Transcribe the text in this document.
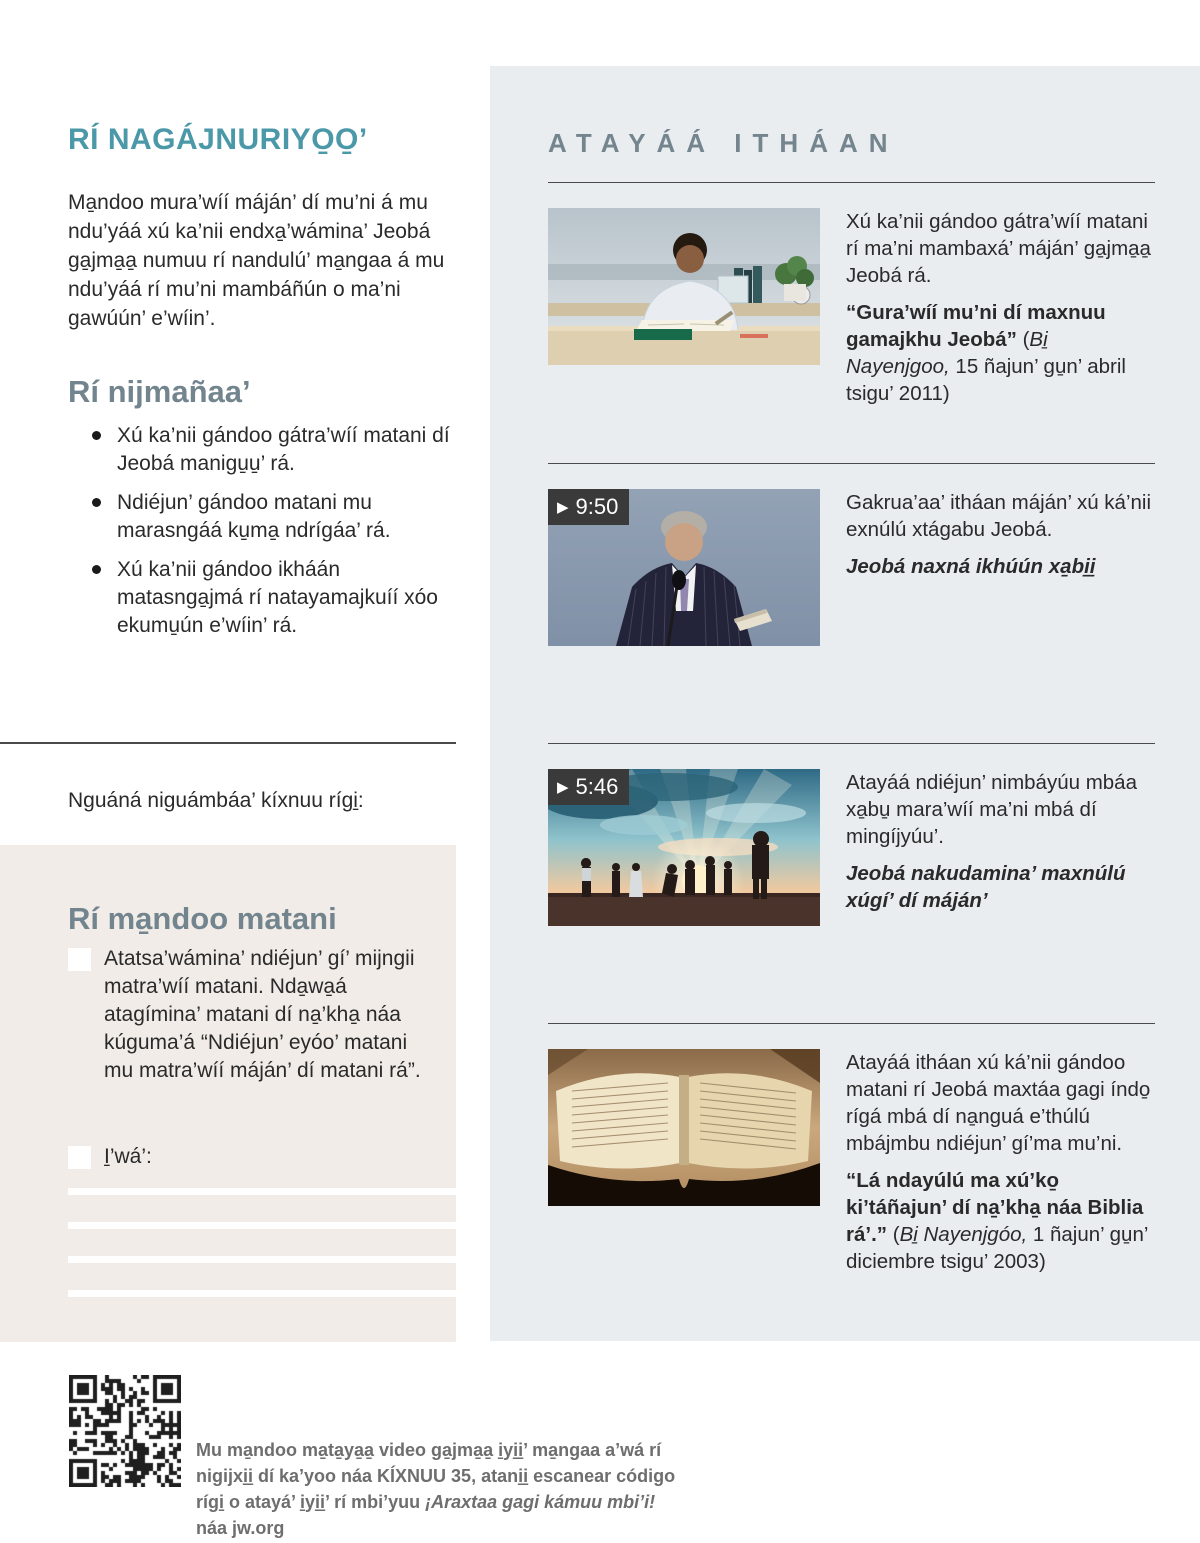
ATAYÁÁ ITHÁAN

Xú ka’nii gándoo gátra’wíí matani rí ma’ni mambaxá’ máján’ ga̱jma̱a̱ Jeobá rá.

“Gura’wíí mu’ni dí maxnuu gamajkhu Jeobá” (Bi̱ Nayenjgoo, 15 ñajun’ gu̱n’ abril tsigu’ 2011)

▶ 9:50	Gakrua’aa’ itháan máján’ xú ká’nii exnúlú xtágabu Jeobá.

Jeobá naxná ikhúún xa̱bi̱i̱

▶ 5:46	Atayáá ndiéjun’ nimbáyúu mbáa xa̱bu̱ mara’wíí ma’ni mbá dí mingíjyúu’.

Jeobá nakudamina’ maxnúlú xúgí’ dí máján’

Atayáá itháan xú ká’nii gándoo matani rí Jeobá maxtáa gagi índo̱ rígá mbá dí na̱nguá e’thúlú mbájmbu ndiéjun’ gí’ma mu’ni.

“Lá ndayúlú ma xú’ko̱ ki’táñajun’ dí na̱’kha̱ náa Biblia rá’.” (Bi̱ Nayenjgóo, 1 ñajun’ gu̱n’ diciembre tsigu’ 2003)

RÍ NAGÁJNURIYO̱O̱’

Ma̱ndoo mura’wíí máján’ dí mu’ni á mu ndu’yáá xú ka’nii endxa̱’wámina’ Jeobá ga̱jma̱a̱ numuu rí nandulú’ ma̱ngaa á mu ndu’yáá rí mu’ni mambáñún o ma’ni gawúún’ e’wíin’.

Rí nijmañaa’
Xú ka’nii gándoo gátra’wíí matani dí Jeobá manigu̱u̱’ rá.
Ndiéjun’ gándoo matani mu marasngáá ku̱ma̱ ndrígáa’ rá.
Xú ka’nii gándoo ikháán matasnga̱jmá rí natayamajkuíí xóo ekumu̱ún e’wíin’ rá.

Nguáná niguámbáa’ kíxnuu rígi̱:

Rí ma̱ndoo matani
Atatsa’wámina’ ndiéjun’ gí’ mijngii matra’wíí matani. Nda̱wa̱á atagímina’ matani dí na̱’kha̱ náa kúguma’á “Ndiéjun’ eyóo’ matani mu matra’wíí máján’ dí matani rá”.
I̱’wá’:

Mu ma̱ndoo ma̱ta̱ya̱a̱ video ga̱jma̱a̱ i̱yi̱i̱’ ma̱ngaa a’wá rí nigijxi̱i̱ dí ka’yoo náa KÍXNUU 35, atani̱i̱ escanear código rígi̱ o atayá’ i̱yi̱i̱’ rí mbi’yuu ¡Araxtaa gagi kámuu mbi’i! náa jw.org
